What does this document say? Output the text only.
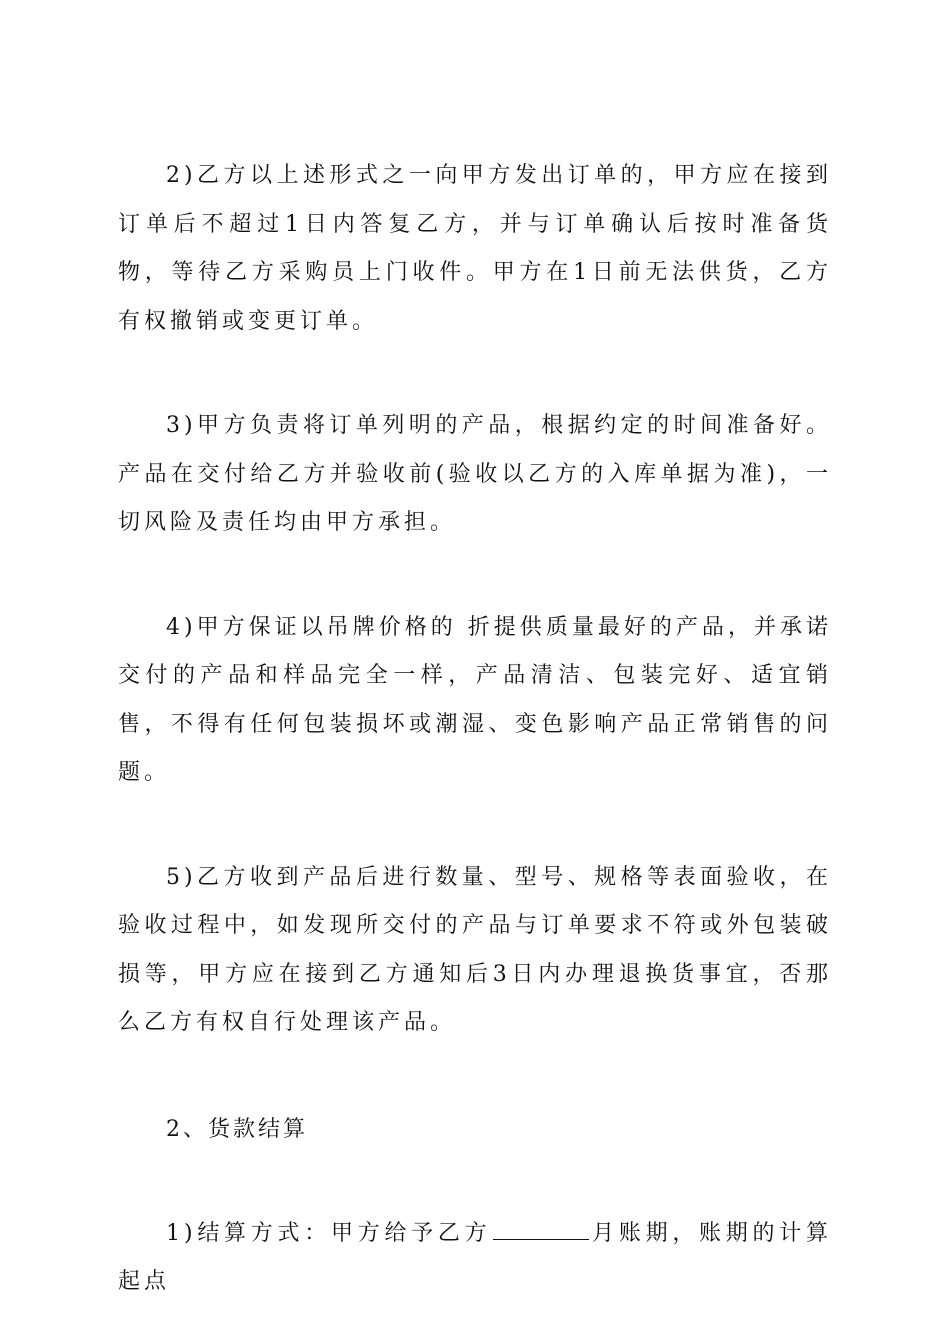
2)乙方以上述形式之一向甲方发出订单的，甲方应在接到订单后不超过1日内答复乙方，并与订单确认后按时准备货物，等待乙方采购员上门收件。甲方在1日前无法供货，乙方有权撤销或变更订单。

3)甲方负责将订单列明的产品，根据约定的时间准备好。产品在交付给乙方并验收前(验收以乙方的入库单据为准)，一切风险及责任均由甲方承担。

4)甲方保证以吊牌价格的 折提供质量最好的产品，并承诺交付的产品和样品完全一样，产品清洁、包装完好、适宜销售，不得有任何包装损坏或潮湿、变色影响产品正常销售的问题。

5)乙方收到产品后进行数量、型号、规格等表面验收，在验收过程中，如发现所交付的产品与订单要求不符或外包装破损等，甲方应在接到乙方通知后3日内办理退换货事宜，否那么乙方有权自行处理该产品。

2、货款结算

1)结算方式：甲方给予乙方	月账期，账期的计算起点
